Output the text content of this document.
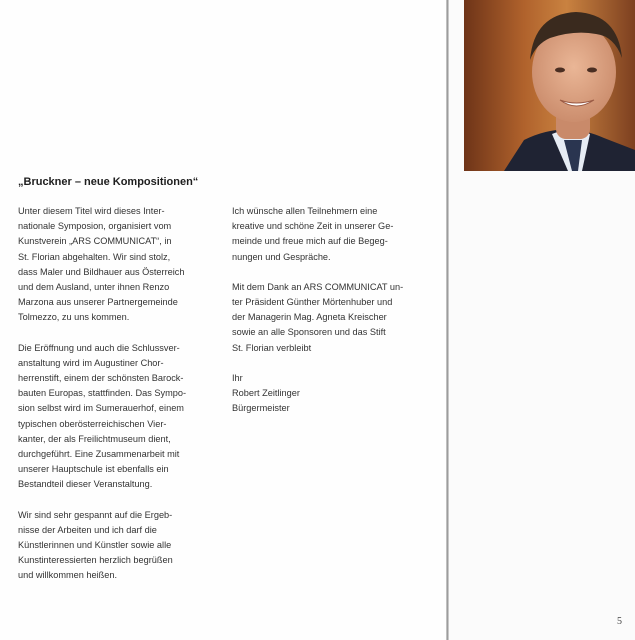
„Bruckner – neue Kompositionen“

Unter diesem Titel wird dieses Inter-
nationale Symposion, organisiert vom
Kunstverein „ARS COMMUNICAT“, in
St. Florian abgehalten. Wir sind stolz,
dass Maler und Bildhauer aus Österreich
und dem Ausland, unter ihnen Renzo
Marzona aus unserer Partnergemeinde
Tolmezzo, zu uns kommen.

Die Eröffnung und auch die Schlussver-
anstaltung wird im Augustiner Chor-
herrenstift, einem der schönsten Barock-
bauten Europas, stattfinden. Das Sympo-
sion selbst wird im Sumerauerhof, einem
typischen oberösterreichischen Vier-
kanter, der als Freilichtmuseum dient,
durchgeführt. Eine Zusammenarbeit mit
unserer Hauptschule ist ebenfalls ein
Bestandteil dieser Veranstaltung.

Wir sind sehr gespannt auf die Ergeb-
nisse der Arbeiten und ich darf die
Künstlerinnen und Künstler sowie alle
Kunstinteressierten herzlich begrüßen
und willkommen heißen.

Ich wünsche allen Teilnehmern eine
kreative und schöne Zeit in unserer Ge-
meinde und freue mich auf die Begeg-
nungen und Gespräche.

Mit dem Dank an ARS COMMUNICAT un-
ter Präsident Günther Mörtenhuber und
der Managerin Mag. Agneta Kreischer
sowie an alle Sponsoren und das Stift
St. Florian verbleibt

Ihr
Robert Zeitlinger
Bürgermeister

5
